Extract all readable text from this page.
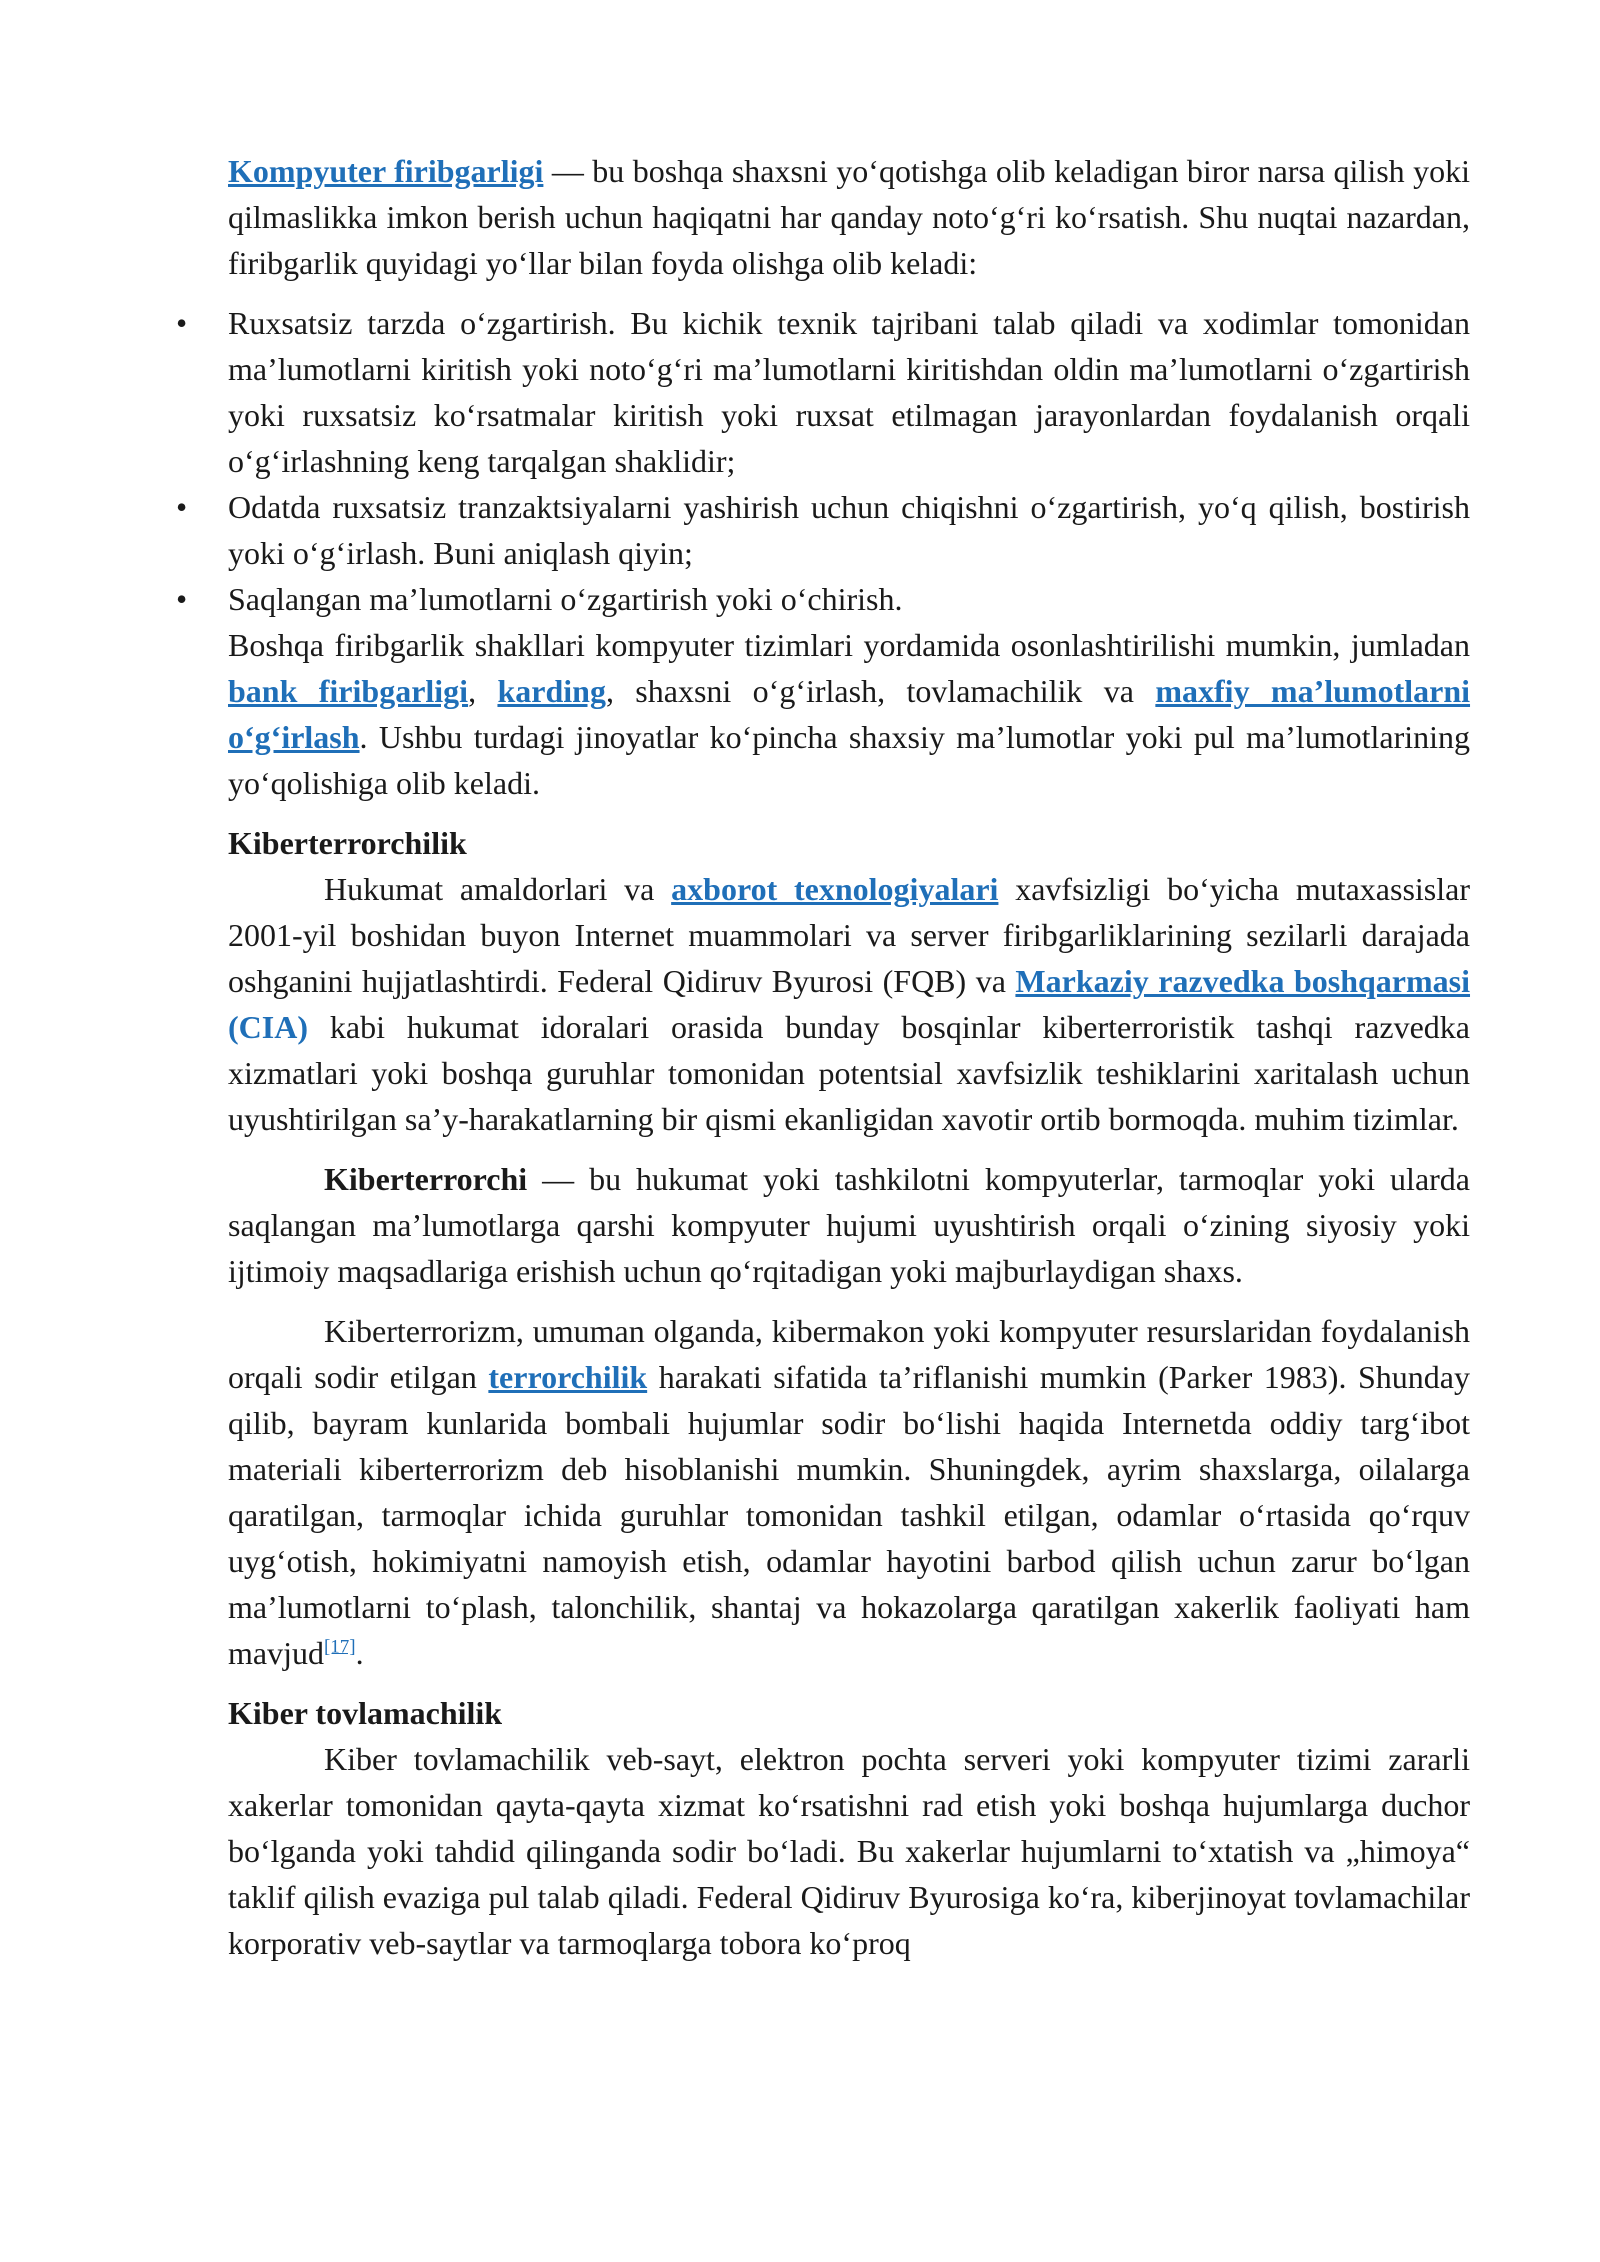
Kompyuter firibgarligi — bu boshqa shaxsni yo‘qotishga olib keladigan biror narsa qilish yoki qilmaslikka imkon berish uchun haqiqatni har qanday noto‘g‘ri ko‘rsatish. Shu nuqtai nazardan, firibgarlik quyidagi yo‘llar bilan foyda olishga olib keladi:

• Ruxsatsiz tarzda o‘zgartirish. Bu kichik texnik tajribani talab qiladi va xodimlar tomonidan ma’lumotlarni kiritish yoki noto‘g‘ri ma’lumotlarni kiritishdan oldin ma’lumotlarni o‘zgartirish yoki ruxsatsiz ko‘rsatmalar kiritish yoki ruxsat etilmagan jarayonlardan foydalanish orqali o‘g‘irlashning keng tarqalgan shaklidir;
• Odatda ruxsatsiz tranzaktsiyalarni yashirish uchun chiqishni o‘zgartirish, yo‘q qilish, bostirish yoki o‘g‘irlash. Buni aniqlash qiyin;
• Saqlangan ma’lumotlarni o‘zgartirish yoki o‘chirish.

Boshqa firibgarlik shakllari kompyuter tizimlari yordamida osonlashtirilishi mumkin, jumladan bank firibgarligi, karding, shaxsni o‘g‘irlash, tovlamachilik va maxfiy ma’lumotlarni o‘g‘irlash. Ushbu turdagi jinoyatlar ko‘pincha shaxsiy ma’lumotlar yoki pul ma’lumotlarining yo‘qolishiga olib keladi.

Kiberterrorchilik

Hukumat amaldorlari va axborot texnologiyalari xavfsizligi bo‘yicha mutaxassislar 2001-yil boshidan buyon Internet muammolari va server firibgarliklarining sezilarli darajada oshganini hujjatlashtirdi. Federal Qidiruv Byurosi (FQB) va Markaziy razvedka boshqarmasi (CIA) kabi hukumat idoralari orasida bunday bosqinlar kiberterroristik tashqi razvedka xizmatlari yoki boshqa guruhlar tomonidan potentsial xavfsizlik teshiklarini xaritalash uchun uyushtirilgan sa’y-harakatlarning bir qismi ekanligidan xavotir ortib bormoqda. muhim tizimlar.

Kiberterrorchi — bu hukumat yoki tashkilotni kompyuterlar, tarmoqlar yoki ularda saqlangan ma’lumotlarga qarshi kompyuter hujumi uyushtirish orqali o‘zining siyosiy yoki ijtimoiy maqsadlariga erishish uchun qo‘rqitadigan yoki majburlaydigan shaxs.

Kiberterrorizm, umuman olganda, kibermakon yoki kompyuter resurslaridan foydalanish orqali sodir etilgan terrorchilik harakati sifatida ta’riflanishi mumkin (Parker 1983). Shunday qilib, bayram kunlarida bombali hujumlar sodir bo‘lishi haqida Internetda oddiy targ‘ibot materiali kiberterrorizm deb hisoblanishi mumkin. Shuningdek, ayrim shaxslarga, oilalarga qaratilgan, tarmoqlar ichida guruhlar tomonidan tashkil etilgan, odamlar o‘rtasida qo‘rquv uyg‘otish, hokimiyatni namoyish etish, odamlar hayotini barbod qilish uchun zarur bo‘lgan ma’lumotlarni to‘plash, talonchilik, shantaj va hokazolarga qaratilgan xakerlik faoliyati ham mavjud[17].

Kiber tovlamachilik

Kiber tovlamachilik veb-sayt, elektron pochta serveri yoki kompyuter tizimi zararli xakerlar tomonidan qayta-qayta xizmat ko‘rsatishni rad etish yoki boshqa hujumlarga duchor bo‘lganda yoki tahdid qilinganda sodir bo‘ladi. Bu xakerlar hujumlarni to‘xtatish va „himoya“ taklif qilish evaziga pul talab qiladi. Federal Qidiruv Byurosiga ko‘ra, kiberjinoyat tovlamachilar korporativ veb-saytlar va tarmoqlarga tobora ko‘proq
